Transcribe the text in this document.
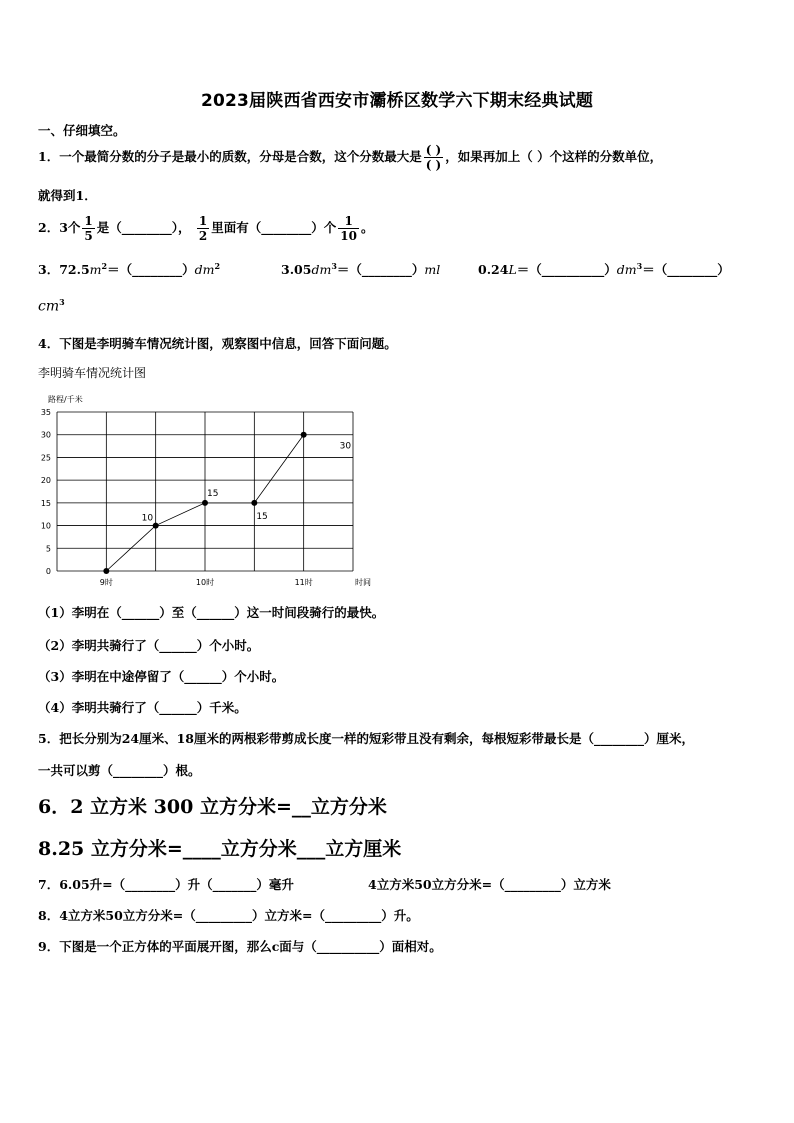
2023届陕西省西安市灞桥区数学六下期末经典试题
一、仔细填空。
1．一个最简分数的分子是最小的质数，分母是合数，这个分数最大是 $\frac{( )}{( )}$ ，如果再加上（ ）个这样的分数单位，
就得到1．
2．3个 $\frac{1}{5}$ 是（________）， $\frac{1}{2}$ 里面有（________）个 $\frac{1}{10}$ 。
3．$72.5m^2=(\_\_\_\_\_\_\_\_)dm^2$	$3.05dm^3=(\_\_\_\_\_\_\_\_)ml$	$0.24L=(\_\_\_\_\_\_\_\_\_\_)dm^3=(\_\_\_\_\_\_\_\_)$
$cm^3$
4．下图是李明骑车情况统计图，观察图中信息，回答下面问题。
李明骑车情况统计图
0
5
10
15
20
25
30
35
9时	10时	11时
路程/千米
时间
10
15
15
30
（1）李明在（______）至（______）这一时间段骑行的最快。
（2）李明共骑行了（______）个小时。
（3）李明在中途停留了（______）个小时。
（4）李明共骑行了（______）千米。
5．把长分别为24厘米、18厘米的两根彩带剪成长度一样的短彩带且没有剩余，每根短彩带最长是（________）厘米，
一共可以剪（________）根。
6．2 立方米 300 立方分米=__立方分米
8.25 立方分米=____立方分米___立方厘米
7．6.05升=（________）升（_______）毫升	4立方米50立方分米=（_________）立方米
8．4立方米50立方分米=（_________）立方米=（_________）升。
9．下图是一个正方体的平面展开图，那么c面与（__________）面相对。
